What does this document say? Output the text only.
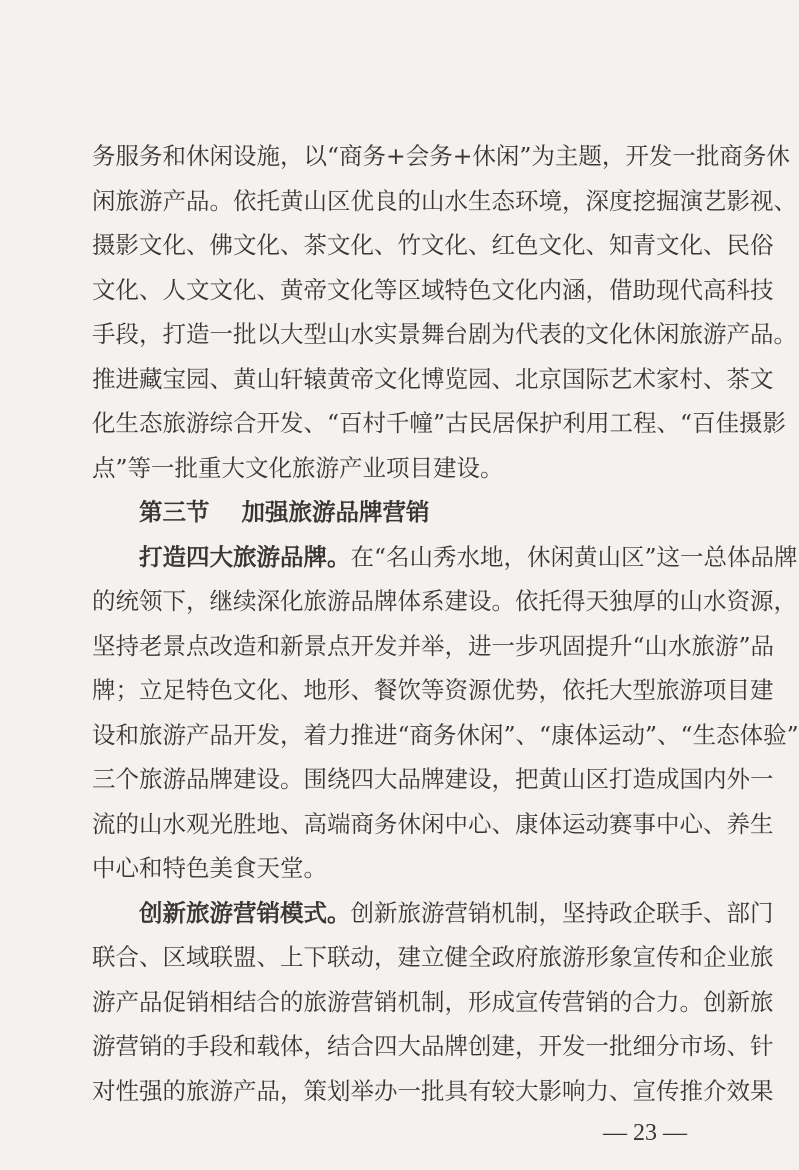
务服务和休闲设施，以“商务+会务+休闲”为主题，开发一批商务休
闲旅游产品。依托黄山区优良的山水生态环境，深度挖掘演艺影视、
摄影文化、佛文化、茶文化、竹文化、红色文化、知青文化、民俗
文化、人文文化、黄帝文化等区域特色文化内涵，借助现代高科技
手段，打造一批以大型山水实景舞台剧为代表的文化休闲旅游产品。
推进藏宝园、黄山轩辕黄帝文化博览园、北京国际艺术家村、茶文
化生态旅游综合开发、“百村千幢”古民居保护利用工程、“百佳摄影
点”等一批重大文化旅游产业项目建设。
第三节 加强旅游品牌营销
打造四大旅游品牌。在“名山秀水地，休闲黄山区”这一总体品牌
的统领下，继续深化旅游品牌体系建设。依托得天独厚的山水资源，
坚持老景点改造和新景点开发并举，进一步巩固提升“山水旅游”品
牌；立足特色文化、地形、餐饮等资源优势，依托大型旅游项目建
设和旅游产品开发，着力推进“商务休闲”、“康体运动”、“生态体验”
三个旅游品牌建设。围绕四大品牌建设，把黄山区打造成国内外一
流的山水观光胜地、高端商务休闲中心、康体运动赛事中心、养生
中心和特色美食天堂。
创新旅游营销模式。创新旅游营销机制，坚持政企联手、部门
联合、区域联盟、上下联动，建立健全政府旅游形象宣传和企业旅
游产品促销相结合的旅游营销机制，形成宣传营销的合力。创新旅
游营销的手段和载体，结合四大品牌创建，开发一批细分市场、针
对性强的旅游产品，策划举办一批具有较大影响力、宣传推介效果
— 23 —
